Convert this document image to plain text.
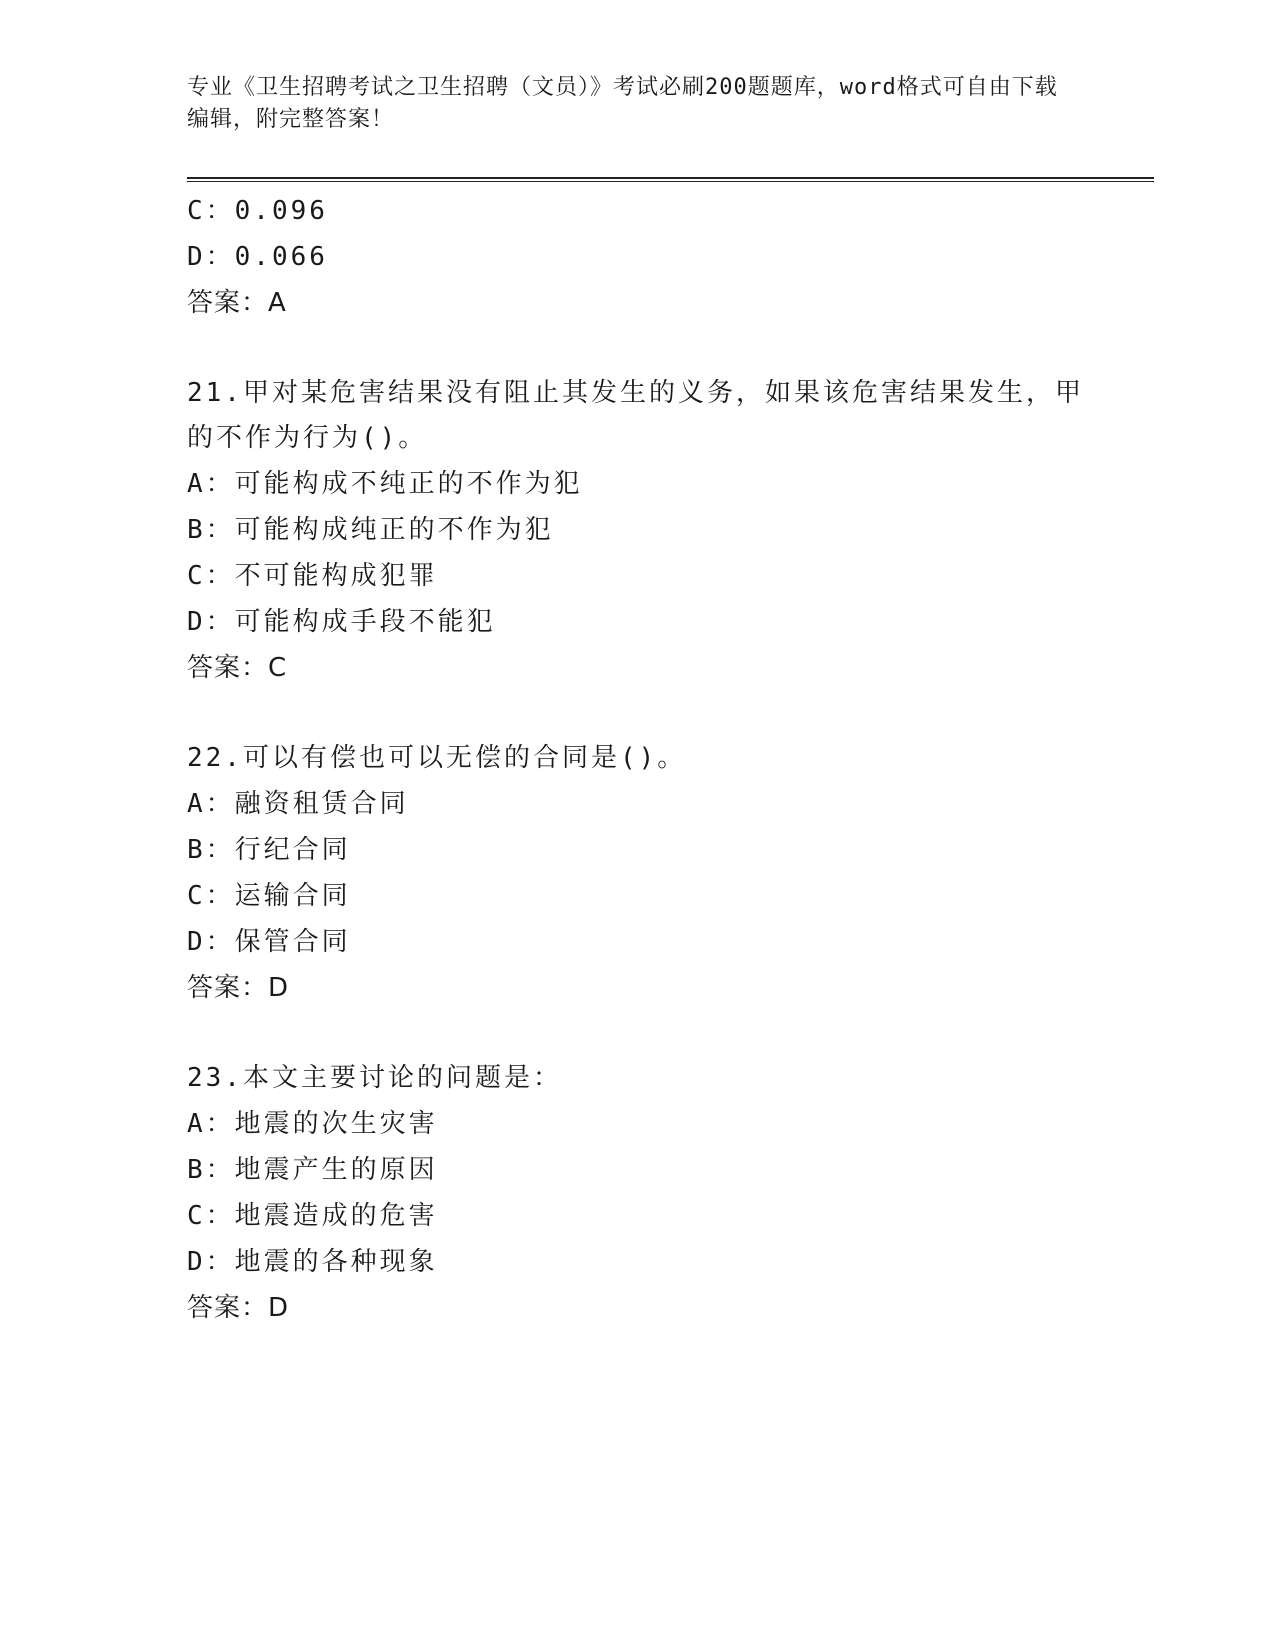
专业《卫生招聘考试之卫生招聘（文员）》考试必刷200题题库，word格式可自由下载编辑，附完整答案！
C：0.096
D：0.066
答案：A
21.甲对某危害结果没有阻止其发生的义务，如果该危害结果发生，甲的不作为行为()。
A：可能构成不纯正的不作为犯
B：可能构成纯正的不作为犯
C：不可能构成犯罪
D：可能构成手段不能犯
答案：C
22.可以有偿也可以无偿的合同是()。
A：融资租赁合同
B：行纪合同
C：运输合同
D：保管合同
答案：D
23.本文主要讨论的问题是：
A：地震的次生灾害
B：地震产生的原因
C：地震造成的危害
D：地震的各种现象
答案：D
